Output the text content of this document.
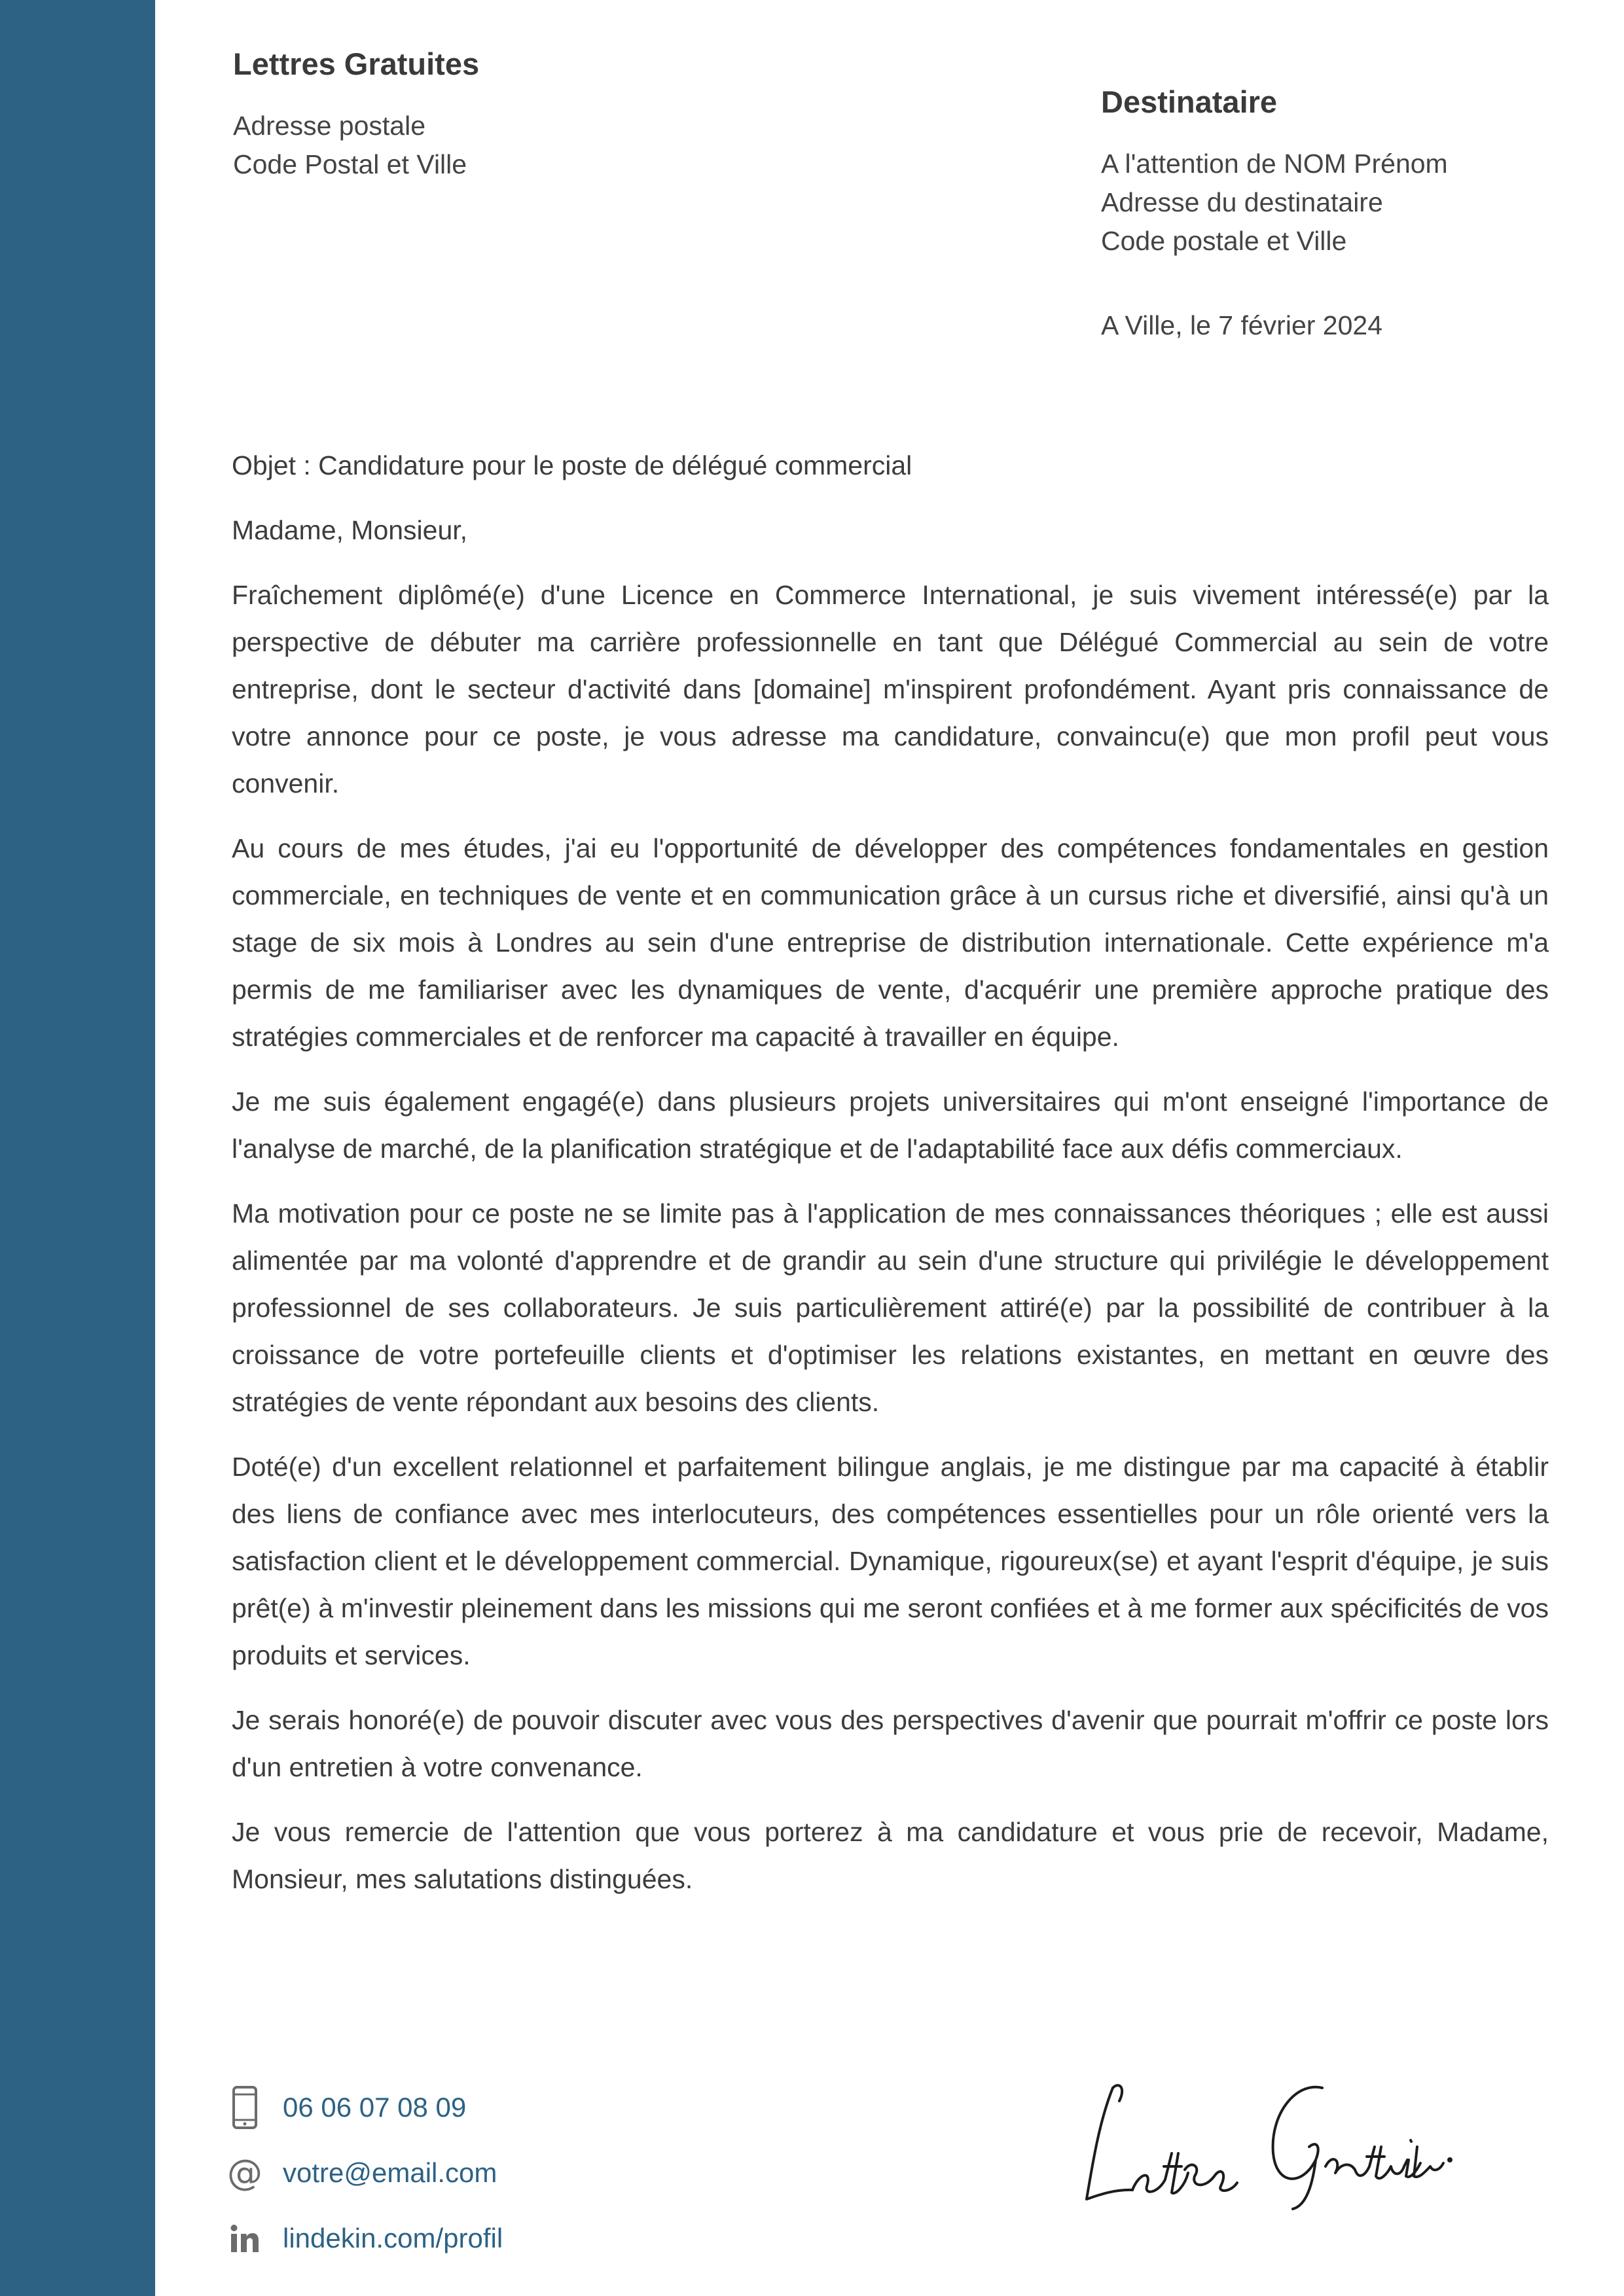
Lettres Gratuites
Adresse postale
Code Postal et Ville
Destinataire
A l'attention de NOM Prénom
Adresse du destinataire
Code postale et Ville
A Ville, le 7 février 2024

Objet : Candidature pour le poste de délégué commercial

Madame, Monsieur,

Fraîchement diplômé(e) d'une Licence en Commerce International, je suis vivement intéressé(e) par la perspective de débuter ma carrière professionnelle en tant que Délégué Commercial au sein de votre entreprise, dont le secteur d'activité dans [domaine] m'inspirent profondément. Ayant pris connaissance de votre annonce pour ce poste, je vous adresse ma candidature, convaincu(e) que mon profil peut vous convenir.

Au cours de mes études, j'ai eu l'opportunité de développer des compétences fondamentales en gestion commerciale, en techniques de vente et en communication grâce à un cursus riche et diversifié, ainsi qu'à un stage de six mois à Londres au sein d'une entreprise de distribution internationale. Cette expérience m'a permis de me familiariser avec les dynamiques de vente, d'acquérir une première approche pratique des stratégies commerciales et de renforcer ma capacité à travailler en équipe.

Je me suis également engagé(e) dans plusieurs projets universitaires qui m'ont enseigné l'importance de l'analyse de marché, de la planification stratégique et de l'adaptabilité face aux défis commerciaux.

Ma motivation pour ce poste ne se limite pas à l'application de mes connaissances théoriques ; elle est aussi alimentée par ma volonté d'apprendre et de grandir au sein d'une structure qui privilégie le développement professionnel de ses collaborateurs. Je suis particulièrement attiré(e) par la possibilité de contribuer à la croissance de votre portefeuille clients et d'optimiser les relations existantes, en mettant en œuvre des stratégies de vente répondant aux besoins des clients.

Doté(e) d'un excellent relationnel et parfaitement bilingue anglais, je me distingue par ma capacité à établir des liens de confiance avec mes interlocuteurs, des compétences essentielles pour un rôle orienté vers la satisfaction client et le développement commercial. Dynamique, rigoureux(se) et ayant l'esprit d'équipe, je suis prêt(e) à m'investir pleinement dans les missions qui me seront confiées et à me former aux spécificités de vos produits et services.

Je serais honoré(e) de pouvoir discuter avec vous des perspectives d'avenir que pourrait m'offrir ce poste lors d'un entretien à votre convenance.

Je vous remercie de l'attention que vous porterez à ma candidature et vous prie de recevoir, Madame, Monsieur, mes salutations distinguées.

06 06 07 08 09
@ votre@email.com
lindekin.com/profil
